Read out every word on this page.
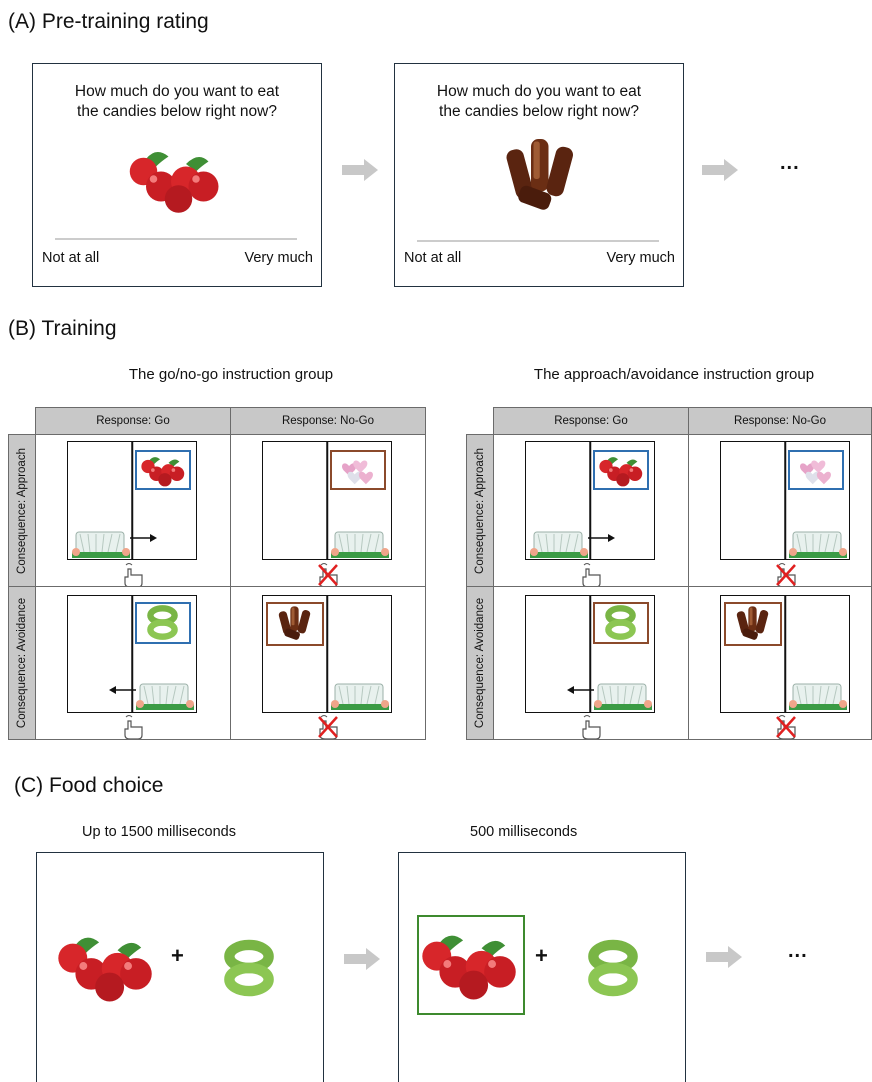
(A) Pre-training rating
How much do you want to eat
the candies below right now?
Not at all	Very much
How much do you want to eat
the candies below right now?
Not at all	Very much
...
(B) Training
The go/no-go instruction group	The approach/avoidance instruction group
Response: Go	Response: No-Go
Consequence: Approach
Consequence: Avoidance
Response: Go	Response: No-Go
Consequence: Approach
Consequence: Avoidance
(C) Food choice
Up to 1500 milliseconds	500 milliseconds
+	+	...
